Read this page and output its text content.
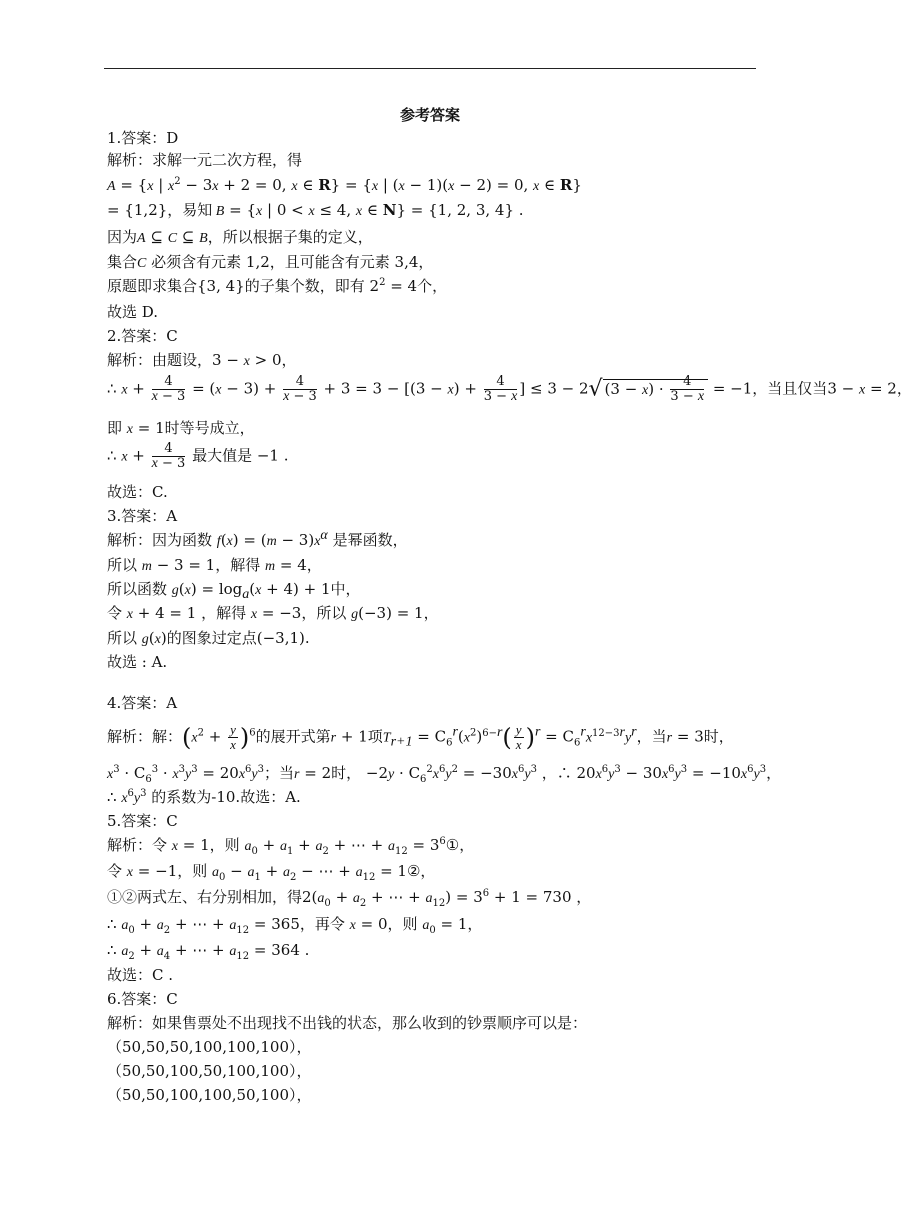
参考答案
1.答案：D
解析：求解一元二次方程，得
A = {x | $x^2 - 3x + 2 = 0$, x ∈ R} = {x | (x − 1)(x − 2) = 0, x ∈ R}
= {1,2}，易知 B = {x | 0 < x ≤ 4, x ∈ N} = {1, 2, 3, 4} .
因为A ⊆ C ⊆ B，所以根据子集的定义，
集合C 必须含有元素 1,2，且可能含有元素 3,4，
原题即求集合{3, 4}的子集个数，即有 $2^2 = 4$个，
故选 D.
2.答案：C
解析：由题设，3 − x > 0，
∴ $x + \frac{4}{x - 3} = (x - 3) + \frac{4}{x - 3} + 3 = 3 - [(3 - x) + \frac{4}{3 - x}$ ] ≤ 3 − 2√ $(3 - x) \cdot \frac{4}{3 - x} = -1$，当且仅当3 − x = 2，
即 x = 1时等号成立，
∴ $x + \frac{4}{x - 3}$ 最大值是 −1 .
故选：C.
3.答案：A
解析：因为函数 $f(x) = (m - 3)x^\alpha$ 是幂函数，
所以 m − 3 = 1，解得 m = 4，
所以函数 $g(x) = \log_a(x + 4) + 1$中，
令 x + 4 = 1 ，解得 x = −3，所以 g(−3) = 1，
所以 g(x)的图象过定点(−3,1).
故选 : A.
4.答案：A
解析：解：$(x^2 + \frac{y}{x} )^6$的展开式第r + 1项$T_{r+1} = C_6^r(x^2)^{6-r}( \frac{y}{x} )^r = C_6^rx^{12-3r}y^r$，当r = 3时，
$x^3 \cdot C_6^3 \cdot x^3y^3 = 20x^6y^3$；当r = 2时， $-2y \cdot C_6^2x^6y^2 = -30x^6y^3$ ，∴ $20x^6y^3 - 30x^6y^3 = -10x^6y^3$，
∴ $x^6y^3$ 的系数为-10.故选：A.
5.答案：C
解析：令 x = 1，则 $a_0 + a_1 + a_2$ + ⋯ + $a_{12}$ = $3^6①$，
令 x = −1，则 $a_0 - a_1 + a_2$ − ⋯ + $a_{12}$ = 1②，
①②两式左、右分别相加，得$2(a_0 + a_2$ + ⋯ + $a_{12}) = 3^6 + 1 = 730$ ，
∴ $a_0 + a_2$ + ⋯ + $a_{12} = 365$，再令 x = 0，则 $a_0 = 1$，
∴ $a_2 + a_4$ + ⋯ + $a_{12} = 364$ .
故选：C .
6.答案：C
解析：如果售票处不出现找不出钱的状态，那么收到的钞票顺序可以是：
（50,50,50,100,100,100），
（50,50,100,50,100,100），
（50,50,100,100,50,100），
